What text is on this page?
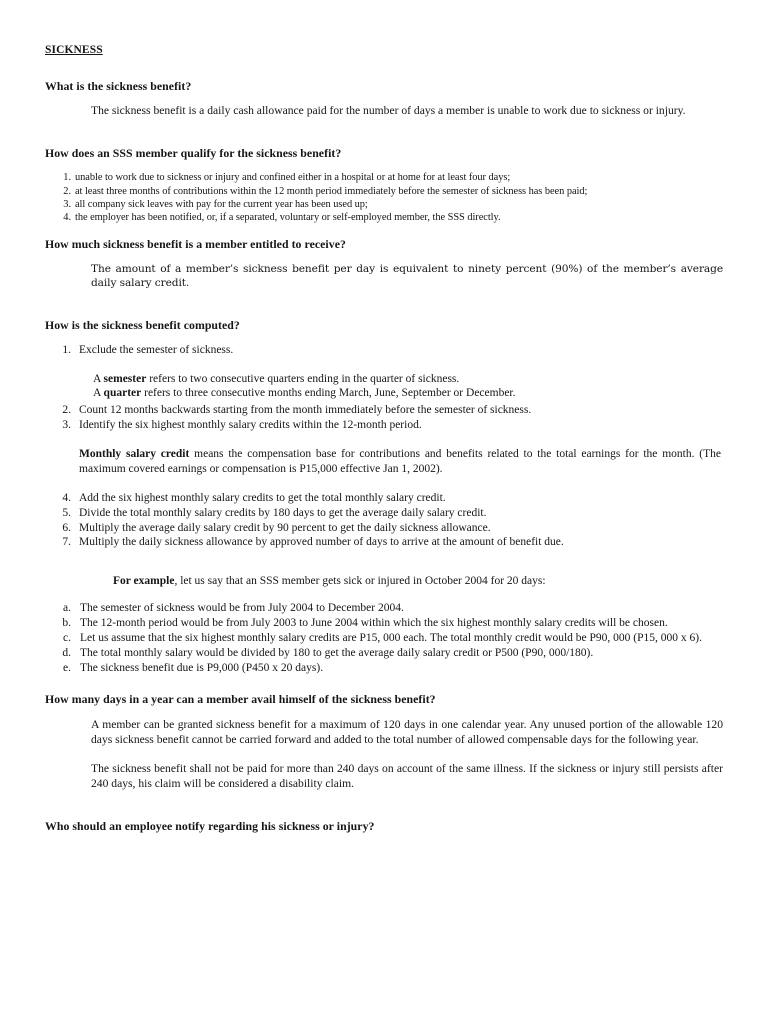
SICKNESS
What is the sickness benefit?

The sickness benefit is a daily cash allowance paid for the number of days a member is unable to work due to sickness or injury.

How does an SSS member qualify for the sickness benefit?
1. unable to work due to sickness or injury and confined either in a hospital or at home for at least four days;
2. at least three months of contributions within the 12 month period immediately before the semester of sickness has been paid;
3. all company sick leaves with pay for the current year has been used up;
4. the employer has been notified, or, if a separated, voluntary or self-employed member, the SSS directly.
How much sickness benefit is a member entitled to receive?

The amount of a member’s sickness benefit per day is equivalent to ninety percent (90%) of the member’s average daily salary credit.

How is the sickness benefit computed?
1. Exclude the semester of sickness.
A semester refers to two consecutive quarters ending in the quarter of sickness.
A quarter refers to three consecutive months ending March, June, September or December.
2. Count 12 months backwards starting from the month immediately before the semester of sickness.
3. Identify the six highest monthly salary credits within the 12-month period.
Monthly salary credit means the compensation base for contributions and benefits related to the total earnings for the month. (The maximum covered earnings or compensation is P15,000 effective Jan 1, 2002).
4. Add the six highest monthly salary credits to get the total monthly salary credit.
5. Divide the total monthly salary credits by 180 days to get the average daily salary credit.
6. Multiply the average daily salary credit by 90 percent to get the daily sickness allowance.
7. Multiply the daily sickness allowance by approved number of days to arrive at the amount of benefit due.
For example, let us say that an SSS member gets sick or injured in October 2004 for 20 days:
a. The semester of sickness would be from July 2004 to December 2004.
b. The 12-month period would be from July 2003 to June 2004 within which the six highest monthly salary credits will be chosen.
c. Let us assume that the six highest monthly salary credits are P15, 000 each. The total monthly credit would be P90, 000 (P15, 000 x 6).
d. The total monthly salary would be divided by 180 to get the average daily salary credit or P500 (P90, 000/180).
e. The sickness benefit due is P9,000 (P450 x 20 days).
How many days in a year can a member avail himself of the sickness benefit?

A member can be granted sickness benefit for a maximum of 120 days in one calendar year. Any unused portion of the allowable 120 days sickness benefit cannot be carried forward and added to the total number of allowed compensable days for the following year.

The sickness benefit shall not be paid for more than 240 days on account of the same illness. If the sickness or injury still persists after 240 days, his claim will be considered a disability claim.

Who should an employee notify regarding his sickness or injury?
